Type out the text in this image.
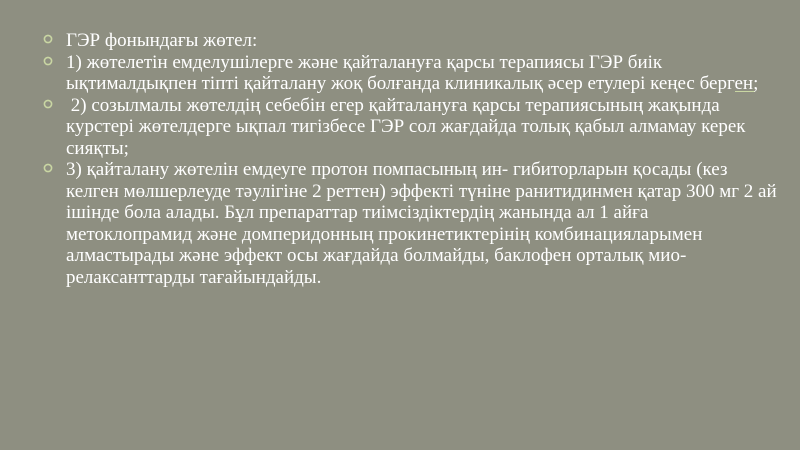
ГЭР фонындағы жөтел:

1) жөтелетін емделушілерге және қайталануға қарсы терапиясы ГЭР биік ықтималдықпен тіпті қайталану жоқ болғанда клиникалық әсер етулері кеңес берген;

2) созылмалы жөтелдің себебін егер қайталануға қарсы терапиясының жақында курстері жөтелдерге ықпал тигізбесе ГЭР сол жағдайда толық қабыл алмамау керек сияқты;

3) қайталану жөтелін емдеуге протон помпасының ин- гибиторларын қосады (кез келген мөлшерлеуде тәулігіне 2 реттен) эффекті түніне ранитидинмен қатар 300 мг 2 ай ішінде бола алады. Бұл препараттар тиімсіздіктердің жанында ал 1 айға метоклопрамид және домперидонның прокинетиктерінің комбинацияларымен алмастырады және эффект осы жағдайда болмайды, баклофен орталық мио- релаксанттарды тағайындайды.
